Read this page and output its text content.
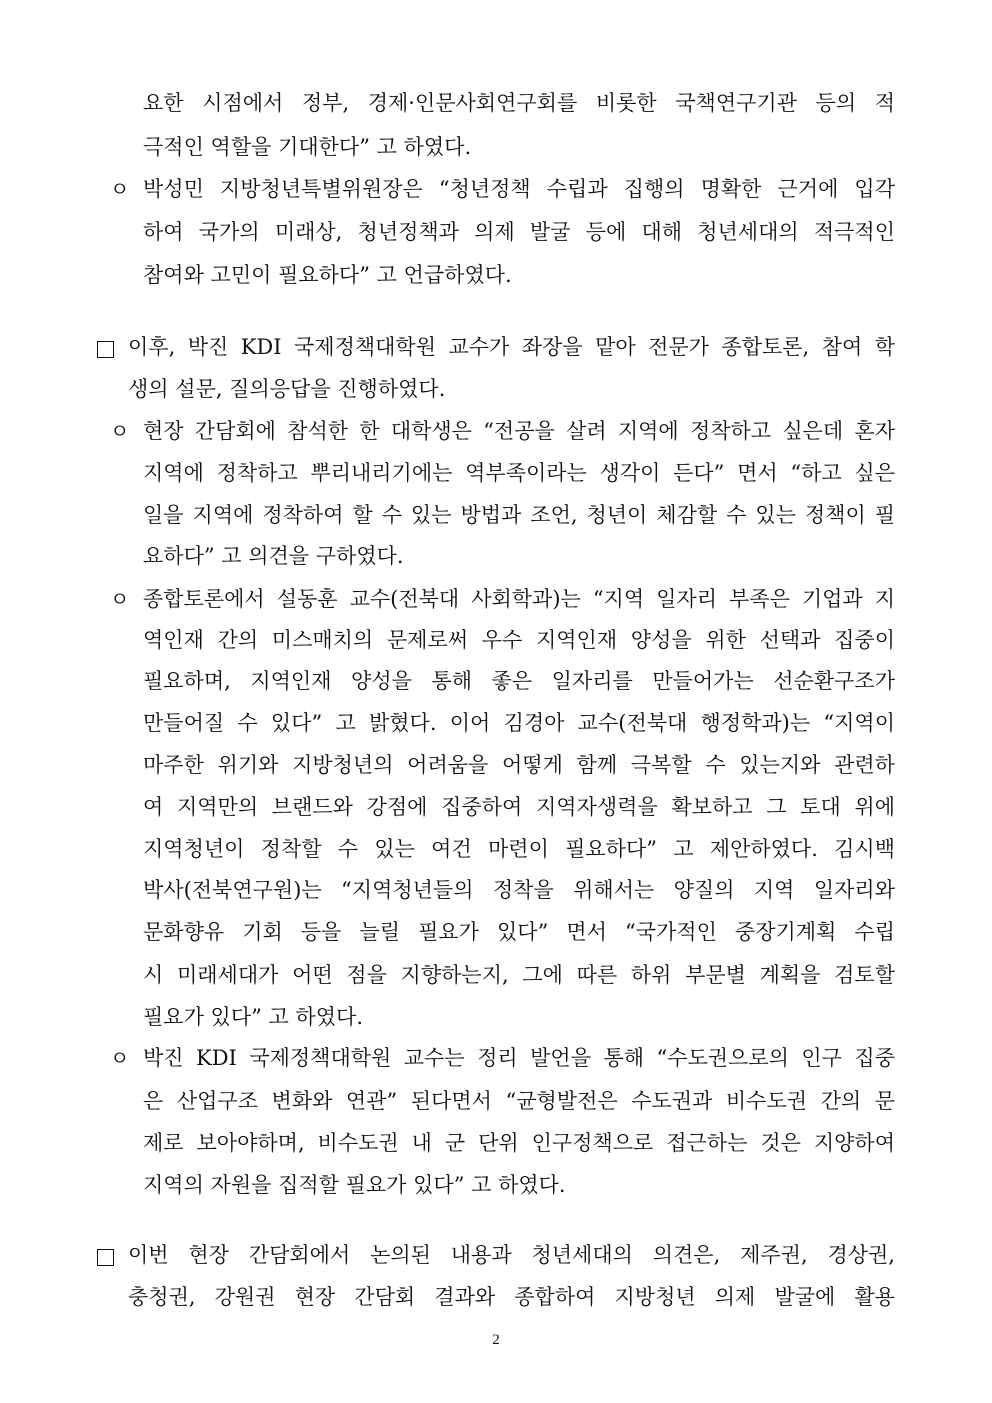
요한 시점에서 정부, 경제·인문사회연구회를 비롯한 국책연구기관 등의 적
극적인 역할을 기대한다” 고 하였다.
ㅇ 박성민 지방청년특별위원장은 “청년정책 수립과 집행의 명확한 근거에 입각
하여 국가의 미래상, 청년정책과 의제 발굴 등에 대해 청년세대의 적극적인
참여와 고민이 필요하다” 고 언급하였다.
이후, 박진 KDI 국제정책대학원 교수가 좌장을 맡아 전문가 종합토론, 참여 학
생의 설문, 질의응답을 진행하였다.
ㅇ 현장 간담회에 참석한 한 대학생은 “전공을 살려 지역에 정착하고 싶은데 혼자
지역에 정착하고 뿌리내리기에는 역부족이라는 생각이 든다” 면서 “하고 싶은
일을 지역에 정착하여 할 수 있는 방법과 조언, 청년이 체감할 수 있는 정책이 필
요하다” 고 의견을 구하였다.
ㅇ 종합토론에서 설동훈 교수(전북대 사회학과)는 “지역 일자리 부족은 기업과 지
역인재 간의 미스매치의 문제로써 우수 지역인재 양성을 위한 선택과 집중이
필요하며, 지역인재 양성을 통해 좋은 일자리를 만들어가는 선순환구조가
만들어질 수 있다” 고 밝혔다. 이어 김경아 교수(전북대 행정학과)는 “지역이
마주한 위기와 지방청년의 어려움을 어떻게 함께 극복할 수 있는지와 관련하
여 지역만의 브랜드와 강점에 집중하여 지역자생력을 확보하고 그 토대 위에
지역청년이 정착할 수 있는 여건 마련이 필요하다” 고 제안하였다. 김시백
박사(전북연구원)는 “지역청년들의 정착을 위해서는 양질의 지역 일자리와
문화향유 기회 등을 늘릴 필요가 있다” 면서 “국가적인 중장기계획 수립
시 미래세대가 어떤 점을 지향하는지, 그에 따른 하위 부문별 계획을 검토할
필요가 있다” 고 하였다.
ㅇ 박진 KDI 국제정책대학원 교수는 정리 발언을 통해 “수도권으로의 인구 집중
은 산업구조 변화와 연관” 된다면서 “균형발전은 수도권과 비수도권 간의 문
제로 보아야하며, 비수도권 내 군 단위 인구정책으로 접근하는 것은 지양하여
지역의 자원을 집적할 필요가 있다” 고 하였다.
이번 현장 간담회에서 논의된 내용과 청년세대의 의견은, 제주권, 경상권,
충청권, 강원권 현장 간담회 결과와 종합하여 지방청년 의제 발굴에 활용
2
